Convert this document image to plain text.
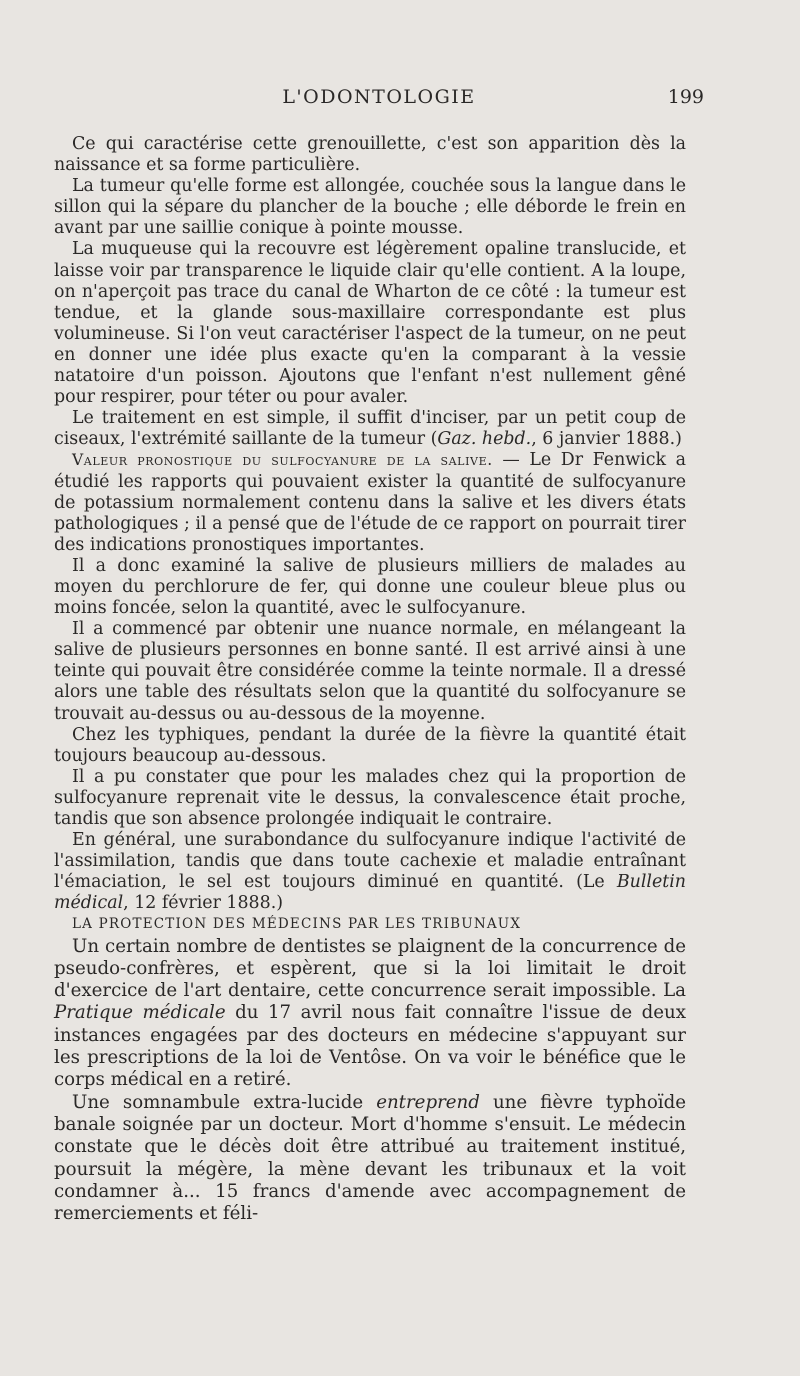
L'ODONTOLOGIE	199

Ce qui caractérise cette grenouillette, c'est son apparition dès la naissance et sa forme particulière.

La tumeur qu'elle forme est allongée, couchée sous la langue dans le sillon qui la sépare du plancher de la bouche ; elle déborde le frein en avant par une saillie conique à pointe mousse.

La muqueuse qui la recouvre est légèrement opaline translucide, et laisse voir par transparence le liquide clair qu'elle contient. A la loupe, on n'aperçoit pas trace du canal de Wharton de ce côté : la tumeur est tendue, et la glande sous-maxillaire correspondante est plus volumineuse. Si l'on veut caractériser l'aspect de la tumeur, on ne peut en donner une idée plus exacte qu'en la comparant à la vessie natatoire d'un poisson. Ajoutons que l'enfant n'est nullement gêné pour respirer, pour téter ou pour avaler.

Le traitement en est simple, il suffit d'inciser, par un petit coup de ciseaux, l'extrémité saillante de la tumeur (Gaz. hebd., 6 janvier 1888.)

Valeur pronostique du sulfocyanure de la salive. — Le Dr Fenwick a étudié les rapports qui pouvaient exister la quantité de sulfocyanure de potassium normalement contenu dans la salive et les divers états pathologiques ; il a pensé que de l'étude de ce rapport on pourrait tirer des indications pronostiques importantes.

Il a donc examiné la salive de plusieurs milliers de malades au moyen du perchlorure de fer, qui donne une couleur bleue plus ou moins foncée, selon la quantité, avec le sulfocyanure.

Il a commencé par obtenir une nuance normale, en mélangeant la salive de plusieurs personnes en bonne santé. Il est arrivé ainsi à une teinte qui pouvait être considérée comme la teinte normale. Il a dressé alors une table des résultats selon que la quantité du solfocyanure se trouvait au-dessus ou au-dessous de la moyenne.

Chez les typhiques, pendant la durée de la fièvre la quantité était toujours beaucoup au-dessous.

Il a pu constater que pour les malades chez qui la proportion de sulfocyanure reprenait vite le dessus, la convalescence était proche, tandis que son absence prolongée indiquait le contraire.

En général, une surabondance du sulfocyanure indique l'activité de l'assimilation, tandis que dans toute cachexie et maladie entraînant l'émaciation, le sel est toujours diminué en quantité. (Le Bulletin médical, 12 février 1888.)

LA PROTECTION DES MÉDECINS PAR LES TRIBUNAUX

Un certain nombre de dentistes se plaignent de la concurrence de pseudo-confrères, et espèrent, que si la loi limitait le droit d'exercice de l'art dentaire, cette concurrence serait impossible. La Pratique médicale du 17 avril nous fait connaître l'issue de deux instances engagées par des docteurs en médecine s'appuyant sur les prescriptions de la loi de Ventôse. On va voir le bénéfice que le corps médical en a retiré.

Une somnambule extra-lucide entreprend une fièvre typhoïde banale soignée par un docteur. Mort d'homme s'ensuit. Le médecin constate que le décès doit être attribué au traitement institué, poursuit la mégère, la mène devant les tribunaux et la voit condamner à... 15 francs d'amende avec accompagnement de remerciements et féli-
